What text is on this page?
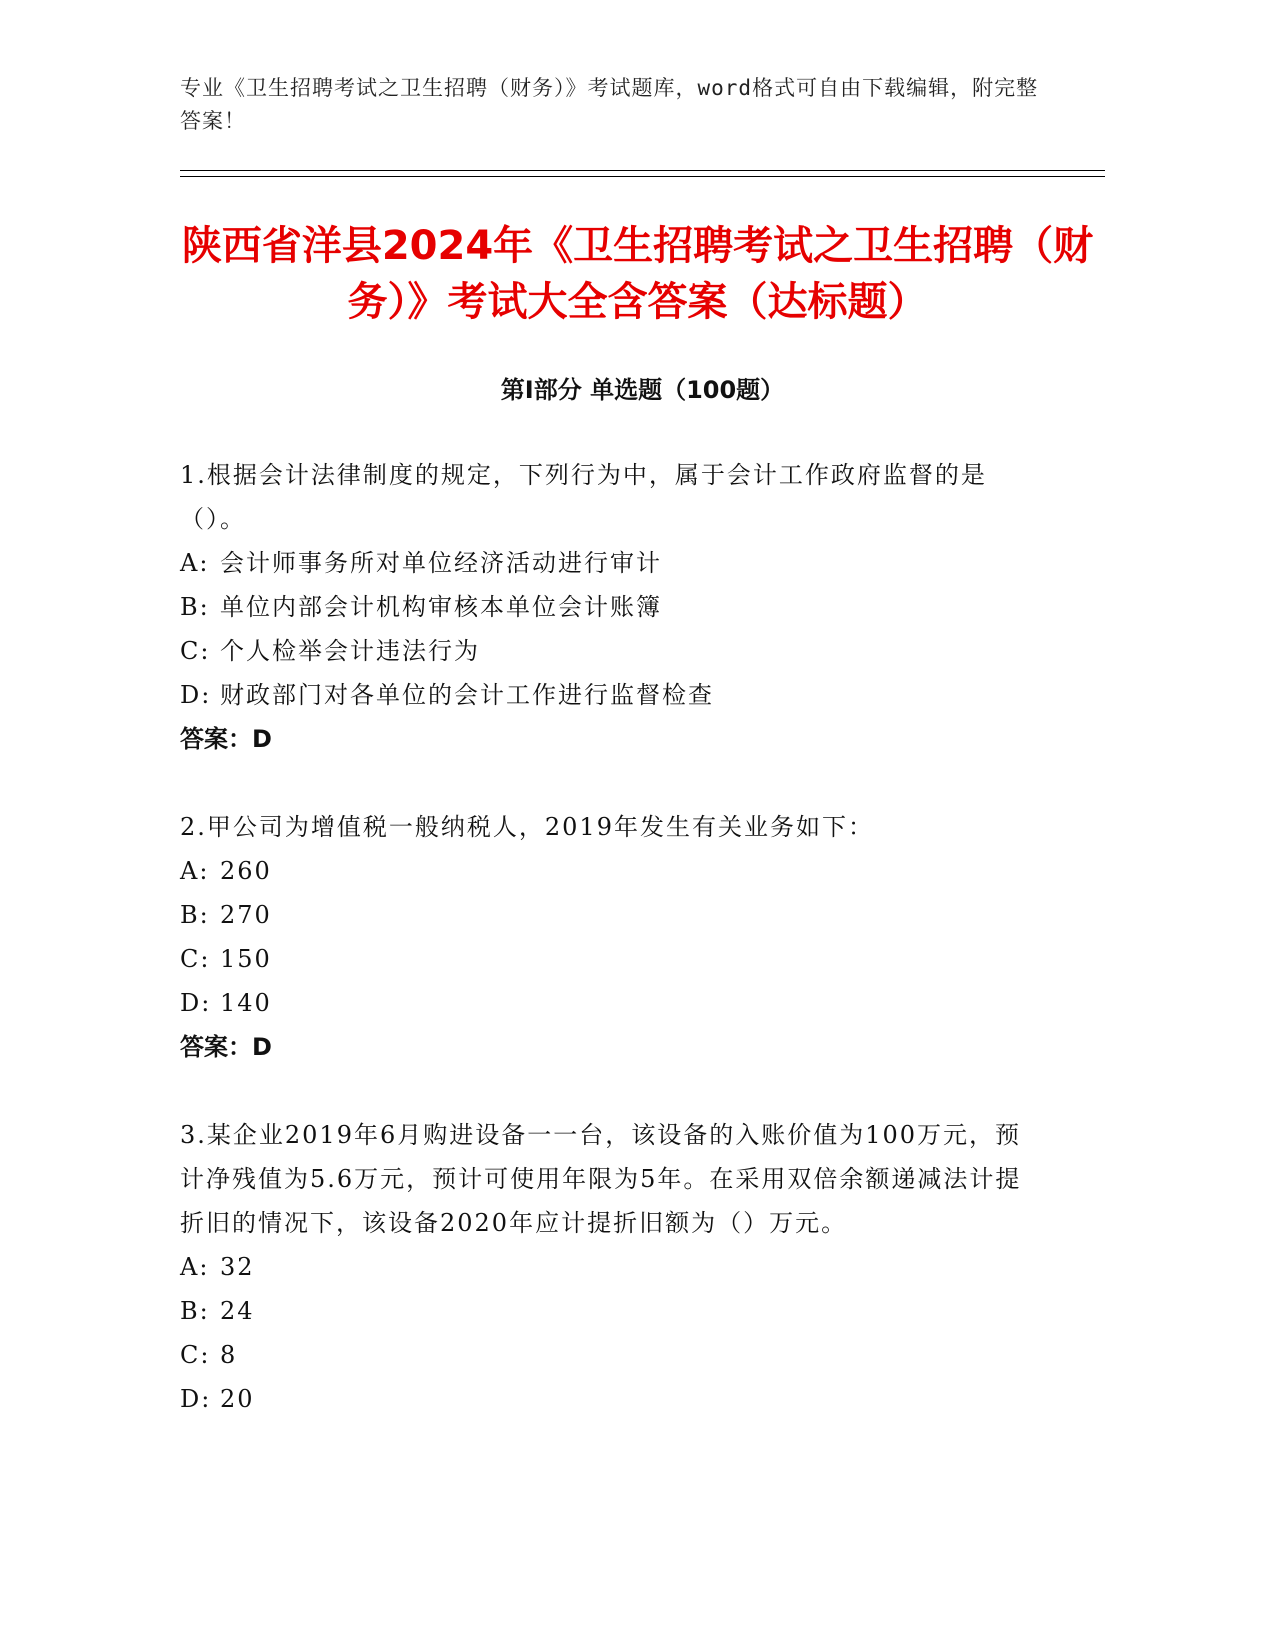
专业《卫生招聘考试之卫生招聘（财务）》考试题库，word格式可自由下载编辑，附完整答案！
陕西省洋县2024年《卫生招聘考试之卫生招聘（财务）》考试大全含答案（达标题）
第I部分 单选题（100题）

1.根据会计法律制度的规定，下列行为中，属于会计工作政府监督的是（）。

A: 会计师事务所对单位经济活动进行审计

B: 单位内部会计机构审核本单位会计账簿

C: 个人检举会计违法行为

D: 财政部门对各单位的会计工作进行监督检查

答案：D

2.甲公司为增值税一般纳税人，2019年发生有关业务如下：

A: 260

B: 270

C: 150

D: 140

答案：D

3.某企业2019年6月购进设备一一台，该设备的入账价值为100万元，预计净残值为5.6万元，预计可使用年限为5年。在采用双倍余额递减法计提折旧的情况下，该设备2020年应计提折旧额为（）万元。

A: 32

B: 24

C: 8

D: 20
